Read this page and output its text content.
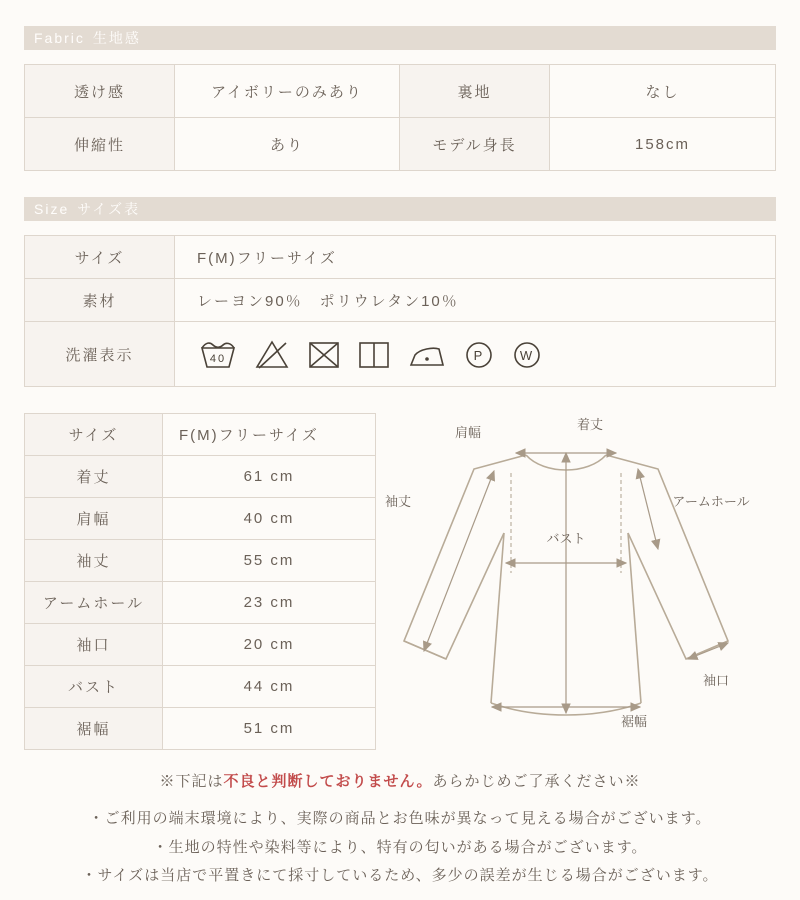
Fabric 生地感
透け感	アイボリーのみあり	裏地	なし
伸縮性	あり	モデル身長	158cm
Size サイズ表
サイズ	F(M)フリーサイズ
素材	レーヨン90％　ポリウレタン10％
洗濯表示	40 P W
サイズ	F(M)フリーサイズ
着丈	61 cm
肩幅	40 cm
袖丈	55 cm
アームホール	23 cm
袖口	20 cm
バスト	44 cm
裾幅	51 cm
肩幅
着丈
袖丈	アームホール
バスト
袖口
裾幅
※下記は不良と判断しておりません。あらかじめご了承ください※
・ご利用の端末環境により、実際の商品とお色味が異なって見える場合がございます。
・生地の特性や染料等により、特有の匂いがある場合がございます。
・サイズは当店で平置きにて採寸しているため、多少の誤差が生じる場合がございます。
